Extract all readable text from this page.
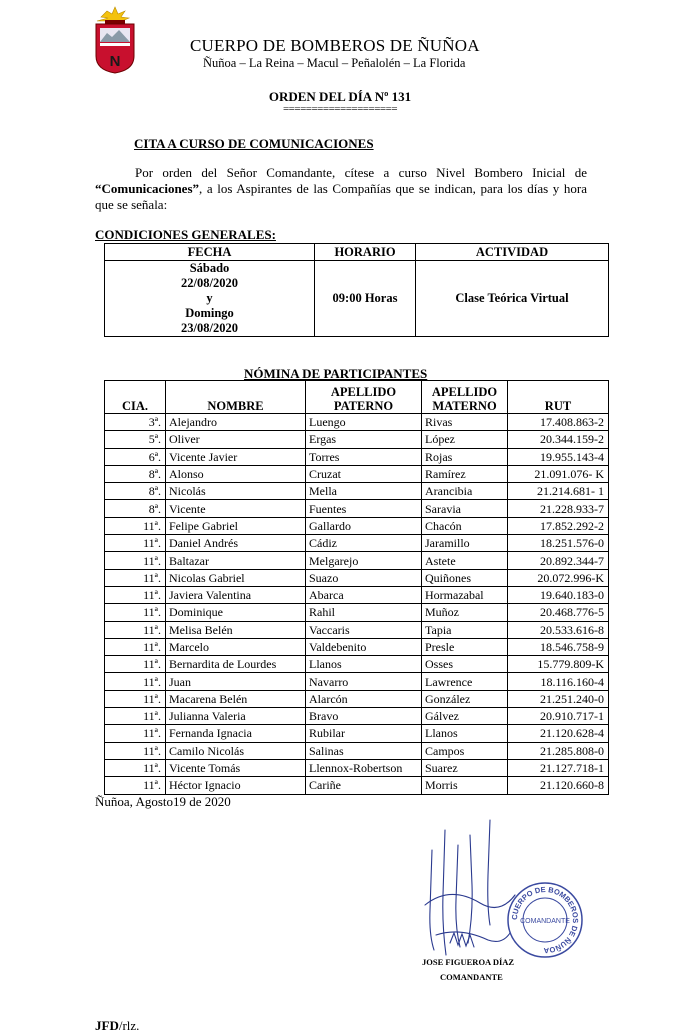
N
CUERPO DE BOMBEROS DE ÑUÑOA
Ñuñoa – La Reina – Macul – Peñalolén – La Florida
ORDEN DEL DÍA Nº 131
====================
CITA A CURSO DE COMUNICACIONES
Por orden del Señor Comandante, cítese a curso Nivel Bombero Inicial de “Comunicaciones”, a los Aspirantes de las Compañías que se indican, para los días y hora que se señala:
CONDICIONES GENERALES:
FECHA	HORARIO	ACTIVIDAD

Sábado
22/08/2020
y
Domingo
23/08/2020	09:00 Horas	Clase Teórica Virtual
NÓMINA DE PARTICIPANTES
CIA.	NOMBRE	APELLIDO PATERNO	APELLIDO MATERNO	RUT
3ª.	Alejandro	Luengo	Rivas	17.408.863-2
5ª.	Oliver	Ergas	López	20.344.159-2
6ª.	Vicente Javier	Torres	Rojas	19.955.143-4
8ª.	Alonso	Cruzat	Ramírez	21.091.076- K
8ª.	Nicolás	Mella	Arancibia	21.214.681- 1
8ª.	Vicente	Fuentes	Saravia	21.228.933-7
11ª.	Felipe Gabriel	Gallardo	Chacón	17.852.292-2
11ª.	Daniel Andrés	Cádiz	Jaramillo	18.251.576-0
11ª.	Baltazar	Melgarejo	Astete	20.892.344-7
11ª.	Nicolas Gabriel	Suazo	Quiñones	20.072.996-K
11ª.	Javiera Valentina	Abarca	Hormazabal	19.640.183-0
11ª.	Dominique	Rahil	Muñoz	20.468.776-5
11ª.	Melisa Belén	Vaccaris	Tapia	20.533.616-8
11ª.	Marcelo	Valdebenito	Presle	18.546.758-9
11ª.	Bernardita de Lourdes	Llanos	Osses	15.779.809-K
11ª.	Juan	Navarro	Lawrence	18.116.160-4
11ª.	Macarena Belén	Alarcón	González	21.251.240-0
11ª.	Julianna Valeria	Bravo	Gálvez	20.910.717-1
11ª.	Fernanda Ignacia	Rubilar	Llanos	21.120.628-4
11ª.	Camilo Nicolás	Salinas	Campos	21.285.808-0
11ª.	Vicente Tomás	Llennox-Robertson	Suarez	21.127.718-1
11ª.	Héctor Ignacio	Cariñe	Morris	21.120.660-8
Ñuñoa, Agosto19 de 2020
CUERPO DE BOMBEROS DE ÑUÑOA
COMANDANTE
JOSE FIGUEROA DÍAZ
COMANDANTE
JFD/rlz.
